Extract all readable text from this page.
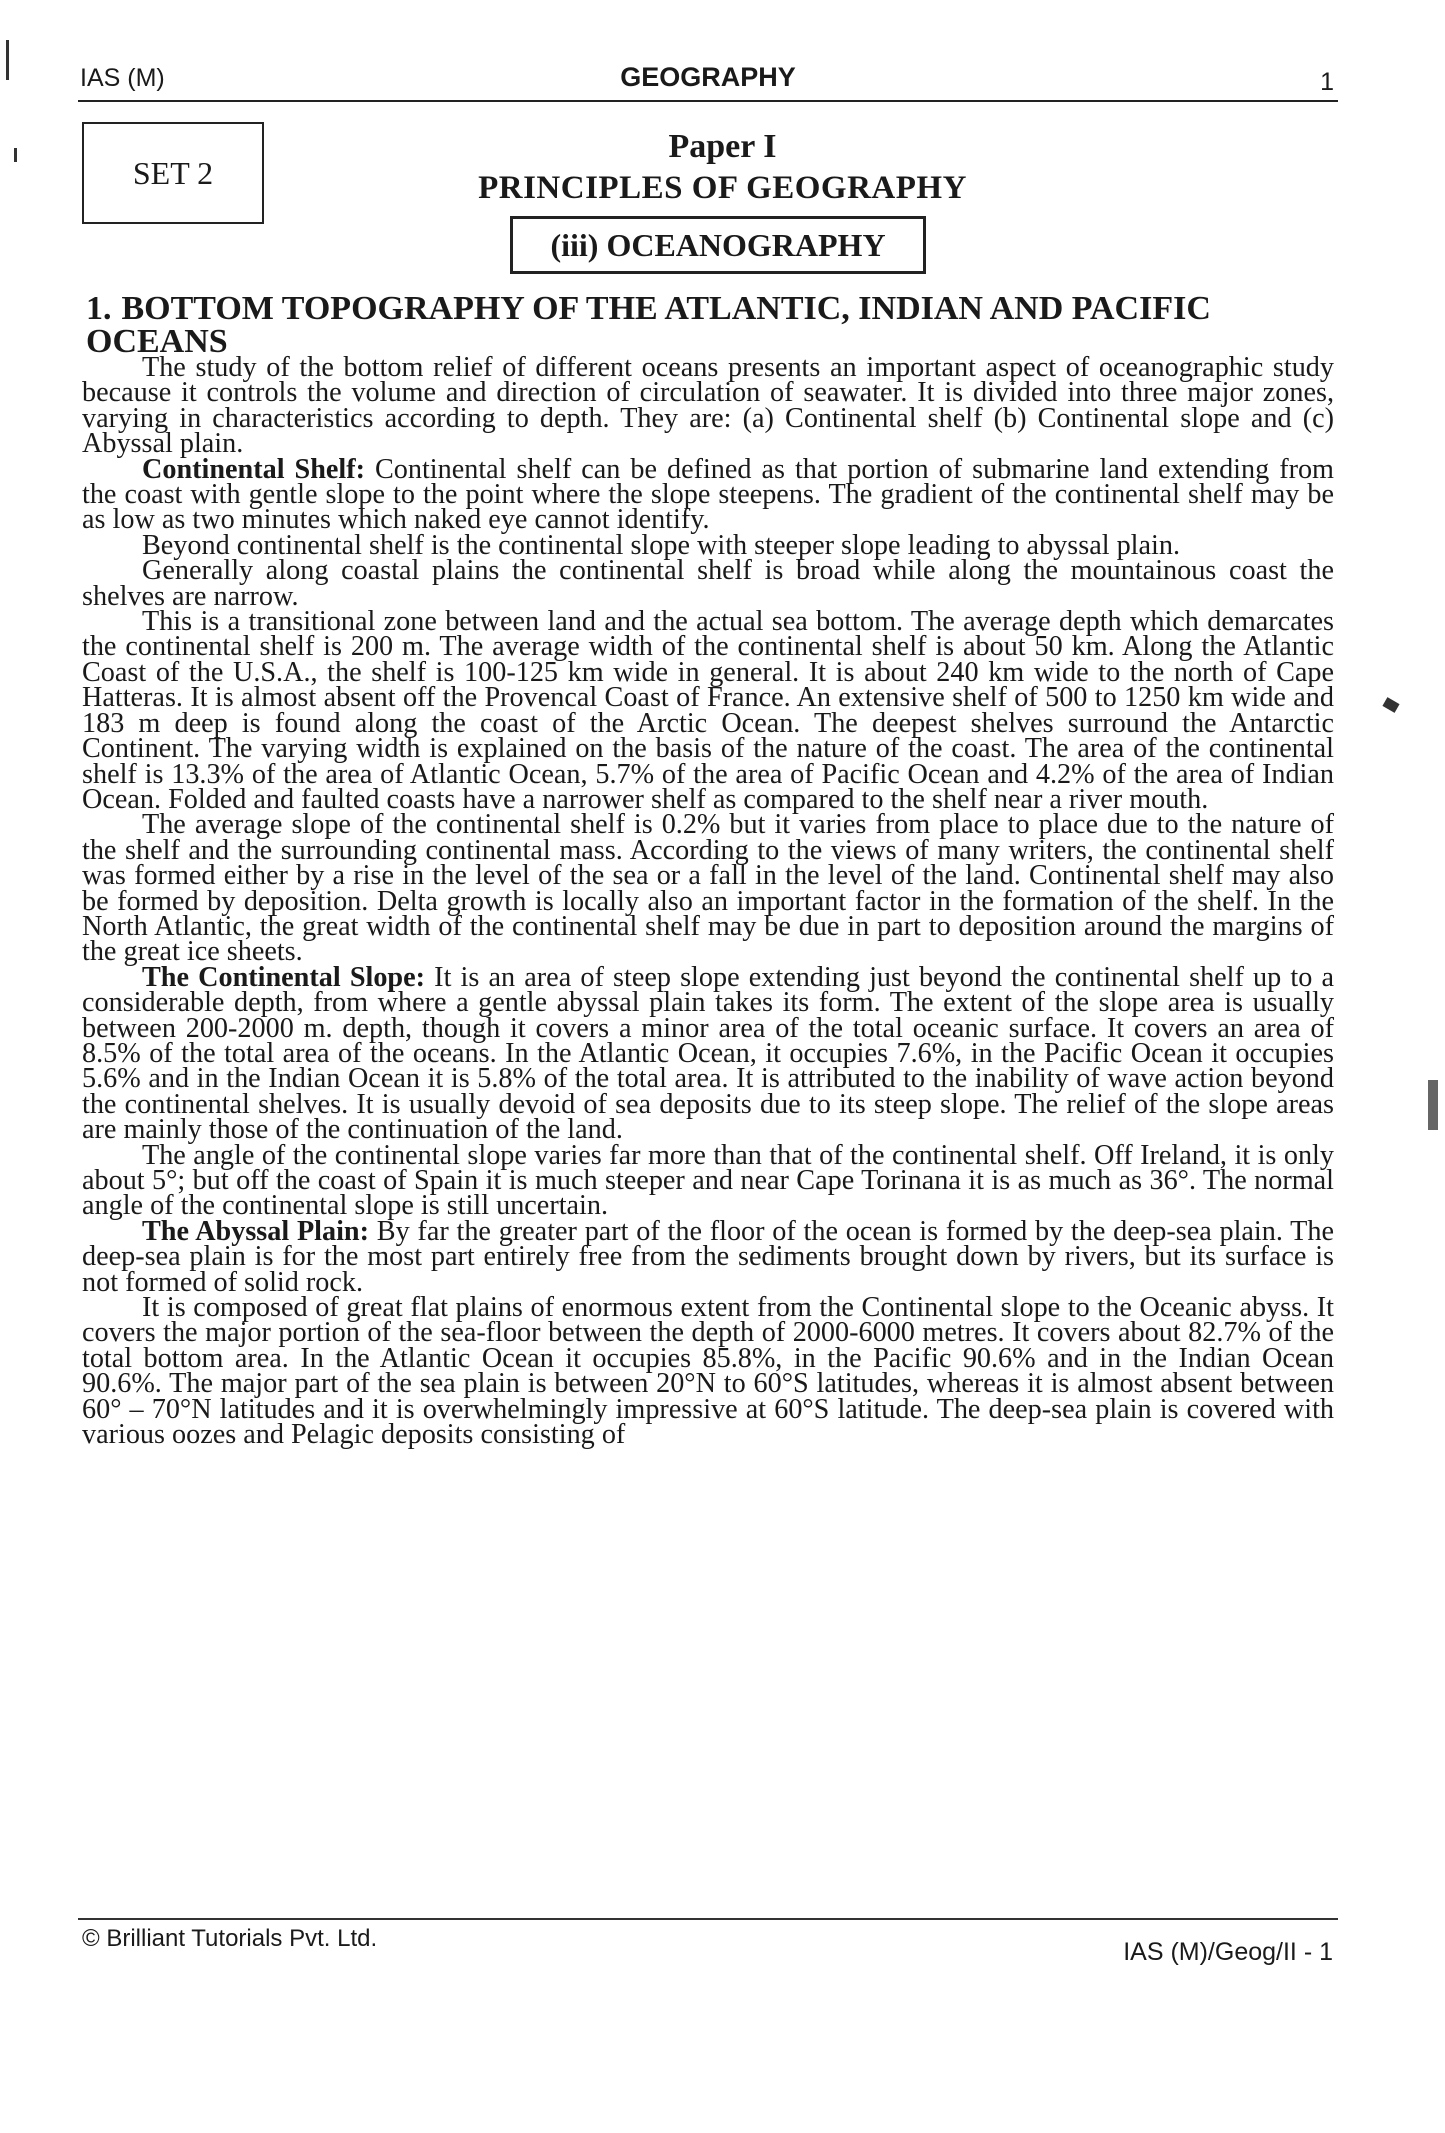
IAS (M)	GEOGRAPHY	1
SET 2
Paper I
PRINCIPLES OF GEOGRAPHY
(iii) OCEANOGRAPHY
1. BOTTOM TOPOGRAPHY OF THE ATLANTIC, INDIAN AND PACIFIC OCEANS

The study of the bottom relief of different oceans presents an important aspect of oceanographic study because it controls the volume and direction of circulation of seawater. It is divided into three major zones, varying in characteristics according to depth. They are: (a) Continental shelf (b) Continental slope and (c) Abyssal plain.

Continental Shelf: Continental shelf can be defined as that portion of submarine land extending from the coast with gentle slope to the point where the slope steepens. The gradient of the continental shelf may be as low as two minutes which naked eye cannot identify.

Beyond continental shelf is the continental slope with steeper slope leading to abyssal plain.

Generally along coastal plains the continental shelf is broad while along the mountainous coast the shelves are narrow.

This is a transitional zone between land and the actual sea bottom. The average depth which demarcates the continental shelf is 200 m. The average width of the continental shelf is about 50 km. Along the Atlantic Coast of the U.S.A., the shelf is 100-125 km wide in general. It is about 240 km wide to the north of Cape Hatteras. It is almost absent off the Provencal Coast of France. An extensive shelf of 500 to 1250 km wide and 183 m deep is found along the coast of the Arctic Ocean. The deepest shelves surround the Antarctic Continent. The varying width is explained on the basis of the nature of the coast. The area of the continental shelf is 13.3% of the area of Atlantic Ocean, 5.7% of the area of Pacific Ocean and 4.2% of the area of Indian Ocean. Folded and faulted coasts have a narrower shelf as compared to the shelf near a river mouth.

The average slope of the continental shelf is 0.2% but it varies from place to place due to the nature of the shelf and the surrounding continental mass. According to the views of many writers, the continental shelf was formed either by a rise in the level of the sea or a fall in the level of the land. Continental shelf may also be formed by deposition. Delta growth is locally also an important factor in the formation of the shelf. In the North Atlantic, the great width of the continental shelf may be due in part to deposition around the margins of the great ice sheets.

The Continental Slope: It is an area of steep slope extending just beyond the continental shelf up to a considerable depth, from where a gentle abyssal plain takes its form. The extent of the slope area is usually between 200-2000 m. depth, though it covers a minor area of the total oceanic surface. It covers an area of 8.5% of the total area of the oceans. In the Atlantic Ocean, it occupies 7.6%, in the Pacific Ocean it occupies 5.6% and in the Indian Ocean it is 5.8% of the total area. It is attributed to the inability of wave action beyond the continental shelves. It is usually devoid of sea deposits due to its steep slope. The relief of the slope areas are mainly those of the continuation of the land.

The angle of the continental slope varies far more than that of the continental shelf. Off Ireland, it is only about 5°; but off the coast of Spain it is much steeper and near Cape Torinana it is as much as 36°. The normal angle of the continental slope is still uncertain.

The Abyssal Plain: By far the greater part of the floor of the ocean is formed by the deep-sea plain. The deep-sea plain is for the most part entirely free from the sediments brought down by rivers, but its surface is not formed of solid rock.

It is composed of great flat plains of enormous extent from the Continental slope to the Oceanic abyss. It covers the major portion of the sea-floor between the depth of 2000-6000 metres. It covers about 82.7% of the total bottom area. In the Atlantic Ocean it occupies 85.8%, in the Pacific 90.6% and in the Indian Ocean 90.6%. The major part of the sea plain is between 20°N to 60°S latitudes, whereas it is almost absent between 60° – 70°N latitudes and it is overwhelmingly impressive at 60°S latitude. The deep-sea plain is covered with various oozes and Pelagic deposits consisting of

© Brilliant Tutorials Pvt. Ltd.	IAS (M)/Geog/II - 1
